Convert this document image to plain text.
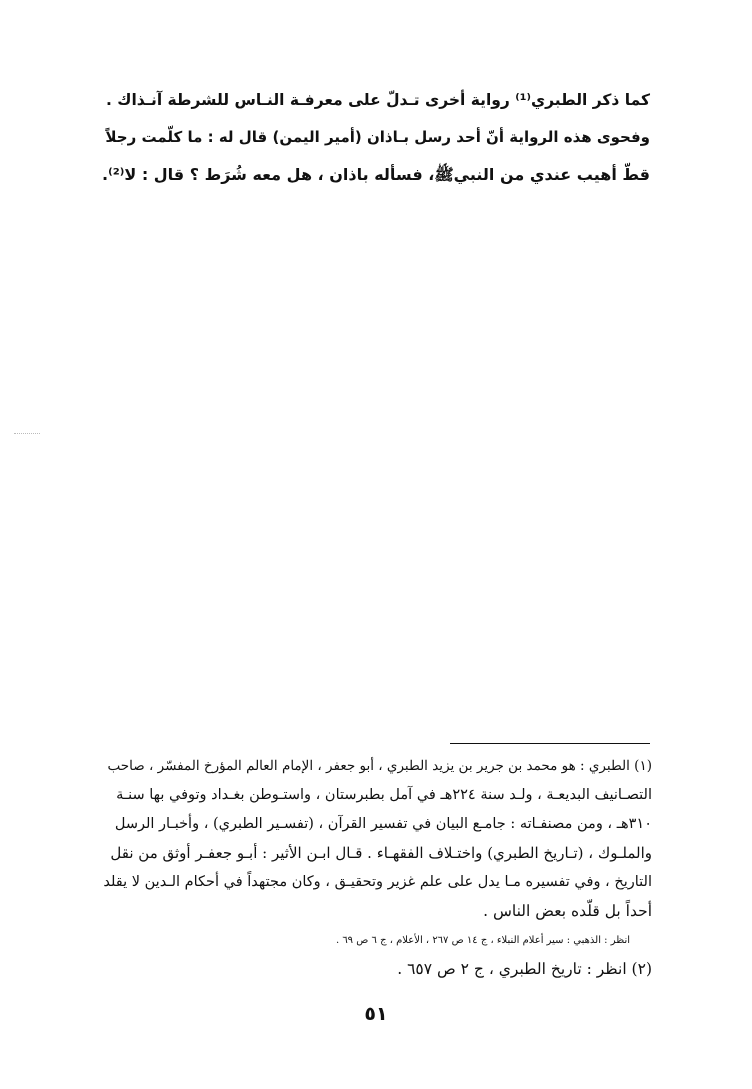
كما ذكر الطبري⁽¹⁾ رواية أخرى تـدلّ على معرفـة النـاس للشرطة آنـذاك .

وفحوى هذه الرواية أنّ أحد رسل بـاذان (أمير اليمن) قال له : ما كلّمت رجلاً

قطّ أهيب عندي من النبيﷺ، فسأله باذان ، هل معه شُرَط ؟ قال : لا⁽²⁾.

(١) الطبري : هو محمد بن جرير بن يزيد الطبري ، أبو جعفر ، الإمام العالم المؤرخ المفسّر ، صاحب

التصـانيف البديعـة ، ولـد سنة ٢٢٤هـ في آمل بطبرستان ، واستـوطن بغـداد وتوفي بها سنـة

٣١٠هـ ، ومن مصنفـاته : جامـع البيان في تفسير القرآن ، (تفسـير الطبري) ، وأخبـار الرسل

والملـوك ، (تـاريخ الطبري) واختـلاف الفقهـاء . قـال ابـن الأثير : أبـو جعفـر أوثق من نقل

التاريخ ، وفي تفسيره مـا يدل على علم غزير وتحقيـق ، وكان مجتهداً في أحكام الـدين لا يقلد

أحداً بل قلّده بعض الناس .

انظر : الذهبي : سير أعلام النبلاء ، ج ١٤ ص ٢٦٧ ، الأعلام ، ج ٦ ص ٦٩ .

(٢) انظر : تاريخ الطبري ، ج ٢ ص ٦٥٧ .

٥١
